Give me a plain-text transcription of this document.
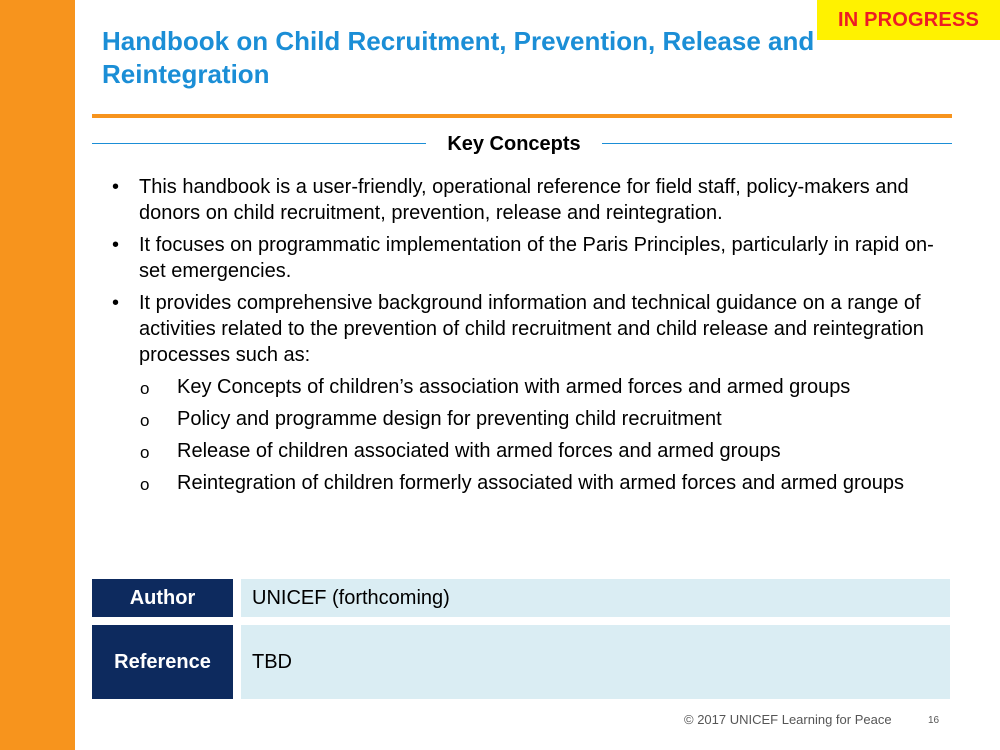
IN PROGRESS
Handbook on Child Recruitment, Prevention, Release and Reintegration
Key Concepts
• This handbook is a user-friendly, operational reference for field staff, policy-makers and donors on child recruitment, prevention, release and reintegration.
• It focuses on programmatic implementation of the Paris Principles, particularly in rapid on-set emergencies.
• It provides comprehensive background information and technical guidance on a range of activities related to the prevention of child recruitment and child release and reintegration processes such as:
o Key Concepts of children’s association with armed forces and armed groups
o Policy and programme design for preventing child recruitment
o Release of children associated with armed forces and armed groups
o Reintegration of children formerly associated with armed forces and armed groups
Author	UNICEF (forthcoming)
Reference	TBD
© 2017 UNICEF Learning for Peace	16
